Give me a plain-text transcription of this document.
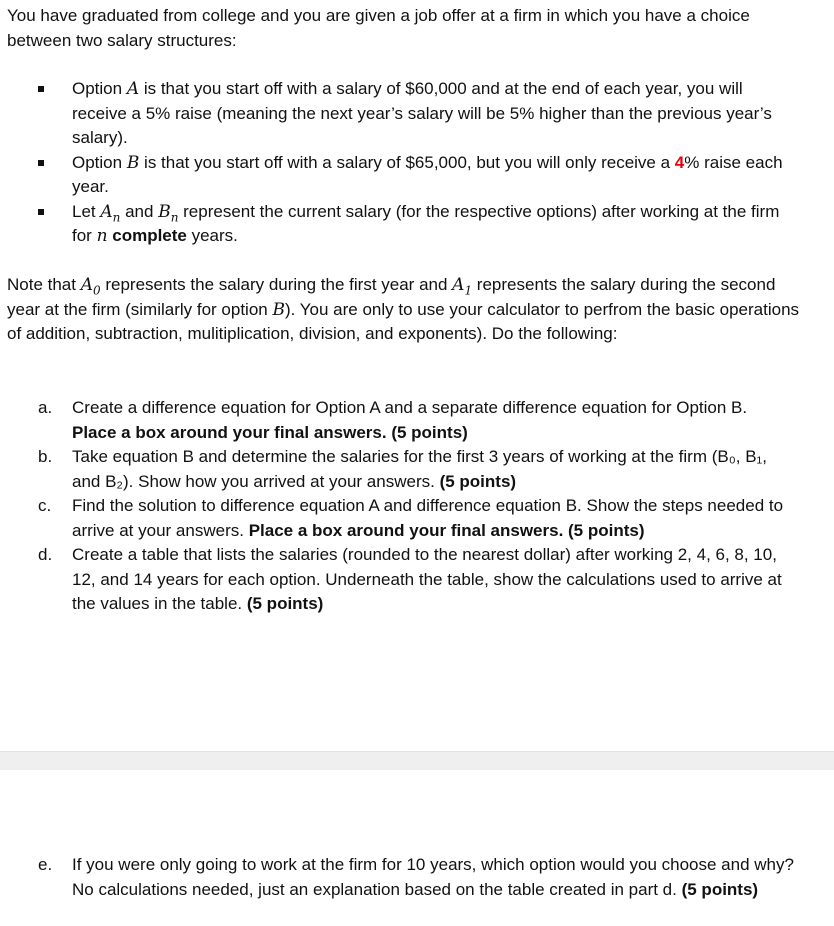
You have graduated from college and you are given a job offer at a firm in which you have a choice between two salary structures:
Option A is that you start off with a salary of $60,000 and at the end of each year, you will receive a 5% raise (meaning the next year’s salary will be 5% higher than the previous year’s salary).
Option B is that you start off with a salary of $65,000, but you will only receive a 4% raise each year.
Let $A_n$ and $B_n$ represent the current salary (for the respective options) after working at the firm for n complete years.
Note that $A_0$ represents the salary during the first year and $A_1$ represents the salary during the second year at the firm (similarly for option B). You are only to use your calculator to perfrom the basic operations of addition, subtraction, mulitiplication, division, and exponents). Do the following:
a. Create a difference equation for Option A and a separate difference equation for Option B. Place a box around your final answers. (5 points)
b. Take equation B and determine the salaries for the first 3 years of working at the firm (B₀, B₁, and B₂). Show how you arrived at your answers. (5 points)
c. Find the solution to difference equation A and difference equation B. Show the steps needed to arrive at your answers. Place a box around your final answers. (5 points)
d. Create a table that lists the salaries (rounded to the nearest dollar) after working 2, 4, 6, 8, 10, 12, and 14 years for each option. Underneath the table, show the calculations used to arrive at the values in the table. (5 points)
e. If you were only going to work at the firm for 10 years, which option would you choose and why? No calculations needed, just an explanation based on the table created in part d. (5 points)
